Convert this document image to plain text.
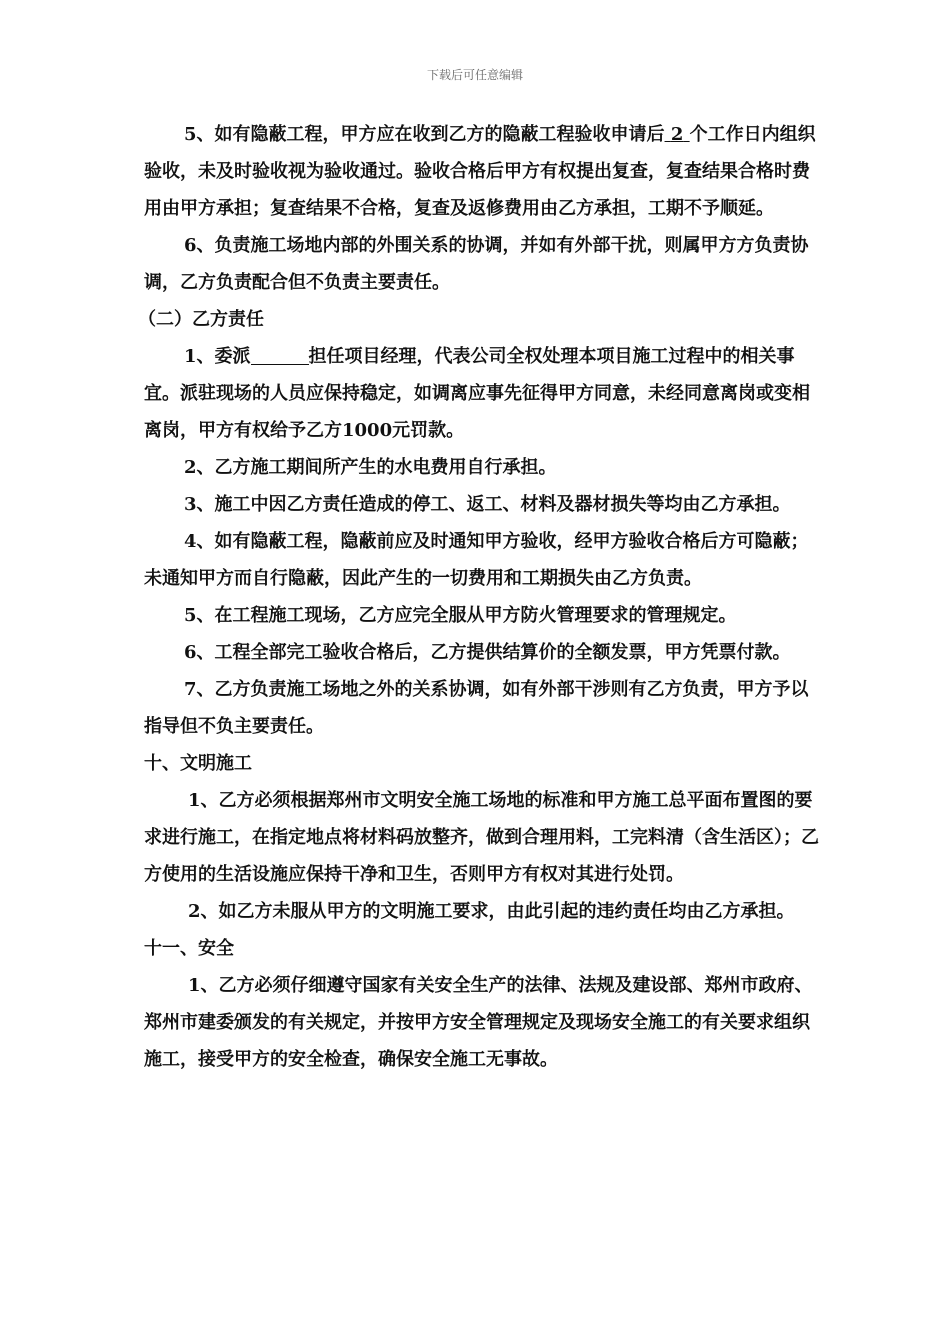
下载后可任意编辑

5、如有隐蔽工程，甲方应在收到乙方的隐蔽工程验收申请后 2 个工作日内组织验收，未及时验收视为验收通过。验收合格后甲方有权提出复查，复查结果合格时费用由甲方承担；复查结果不合格，复查及返修费用由乙方承担，工期不予顺延。

6、负责施工场地内部的外围关系的协调，并如有外部干扰，则属甲方方负责协调，乙方负责配合但不负责主要责任。

（二）乙方责任

1、委派	担任项目经理，代表公司全权处理本项目施工过程中的相关事宜。派驻现场的人员应保持稳定，如调离应事先征得甲方同意，未经同意离岗或变相离岗，甲方有权给予乙方1000元罚款。

2、乙方施工期间所产生的水电费用自行承担。

3、施工中因乙方责任造成的停工、返工、材料及器材损失等均由乙方承担。

4、如有隐蔽工程，隐蔽前应及时通知甲方验收，经甲方验收合格后方可隐蔽；未通知甲方而自行隐蔽，因此产生的一切费用和工期损失由乙方负责。

5、在工程施工现场，乙方应完全服从甲方防火管理要求的管理规定。

6、工程全部完工验收合格后，乙方提供结算价的全额发票，甲方凭票付款。

7、乙方负责施工场地之外的关系协调，如有外部干涉则有乙方负责，甲方予以指导但不负主要责任。

十、文明施工

1、乙方必须根据郑州市文明安全施工场地的标准和甲方施工总平面布置图的要求进行施工，在指定地点将材料码放整齐，做到合理用料，工完料清（含生活区）；乙方使用的生活设施应保持干净和卫生，否则甲方有权对其进行处罚。

2、如乙方未服从甲方的文明施工要求，由此引起的违约责任均由乙方承担。

十一、安全

1、乙方必须仔细遵守国家有关安全生产的法律、法规及建设部、郑州市政府、郑州市建委颁发的有关规定，并按甲方安全管理规定及现场安全施工的有关要求组织施工，接受甲方的安全检查，确保安全施工无事故。
